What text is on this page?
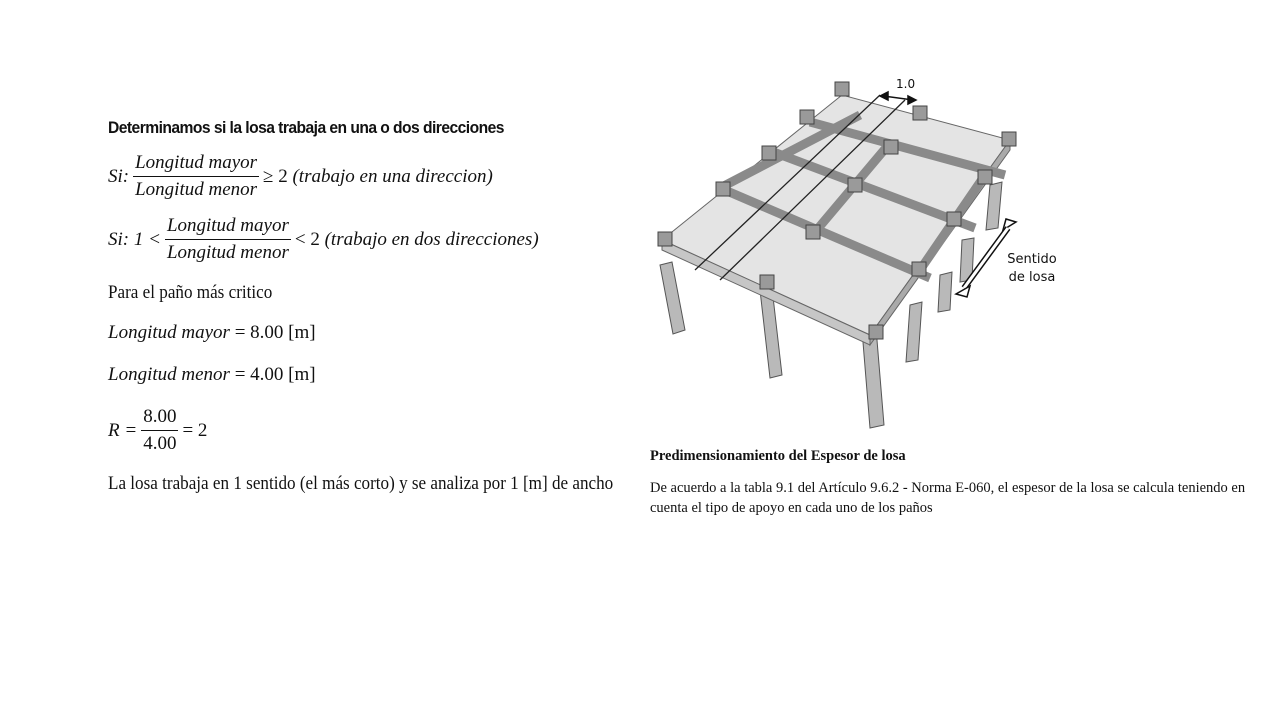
Determinamos si la losa trabaja en una o dos direcciones
Si: $\frac{\text{Longitud mayor}}{\text{Longitud menor}} \ge 2$
(trabajo en una direccion)
Si: $1 < \frac{\text{Longitud mayor}}{\text{Longitud menor}} < 2$
(trabajo en dos direcciones)
Para el paño más critico
Longitud mayor = 8.00 [m]
Longitud menor = 4.00 [m]
$R = \frac{8.00}{4.00} = 2$
La losa trabaja en 1 sentido (el más corto) y se analiza por 1 [m] de ancho
1.0
Sentido
de losa
Predimensionamiento del Espesor de losa
De acuerdo a la tabla 9.1 del Artículo 9.6.2 - Norma E-060, el espesor de la losa se calcula teniendo en cuenta el tipo de apoyo en cada uno de los paños
